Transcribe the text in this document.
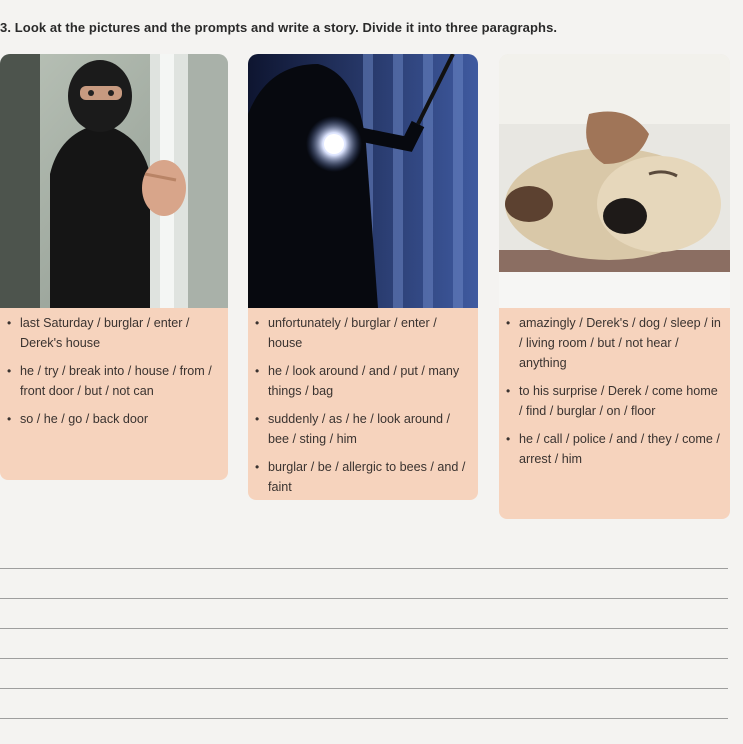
3. Look at the pictures and the prompts and write a story. Divide it into three paragraphs.
• last Saturday / burglar / enter / Derek's house
• he / try / break into / house / from / front door / but / not can
• so / he / go / back door
• unfortunately / burglar / enter / house
• he / look around / and / put / many things / bag
• suddenly / as / he / look around / bee / sting / him
• burglar / be / allergic to bees / and / faint
• amazingly / Derek's / dog / sleep / in / living room / but / not hear / anything
• to his surprise / Derek / come home / find / burglar / on / floor
• he / call / police / and / they / come / arrest / him
